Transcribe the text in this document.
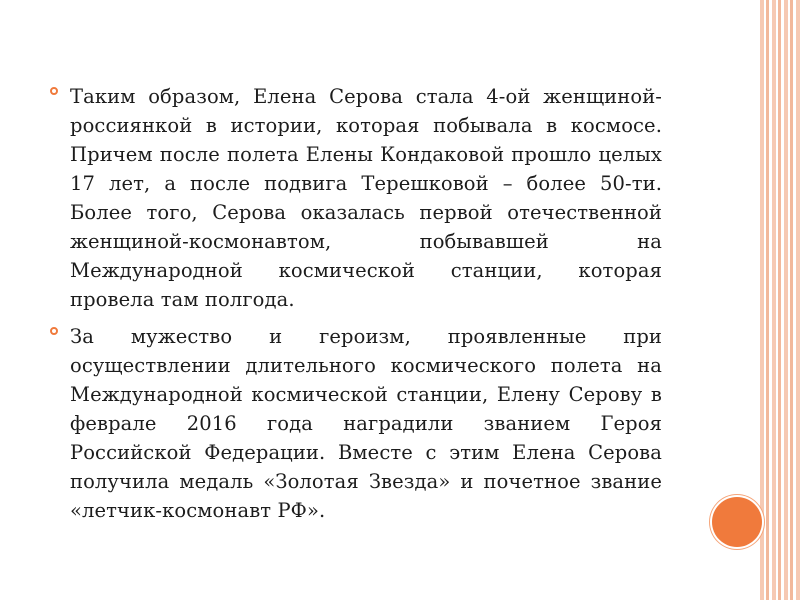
Таким образом, Елена Серова стала 4-ой женщиной-россиянкой в истории, которая побывала в космосе. Причем после полета Елены Кондаковой прошло целых 17 лет, а после подвига Терешковой – более 50-ти. Более того, Серова оказалась первой отечественной женщиной-космонавтом, побывавшей на Международной космической станции, которая провела там полгода.
За мужество и героизм, проявленные при осуществлении длительного космического полета на Международной космической станции, Елену Серову в феврале 2016 года наградили званием Героя Российской Федерации. Вместе с этим Елена Серова получила медаль «Золотая Звезда» и почетное звание «летчик-космонавт РФ».
